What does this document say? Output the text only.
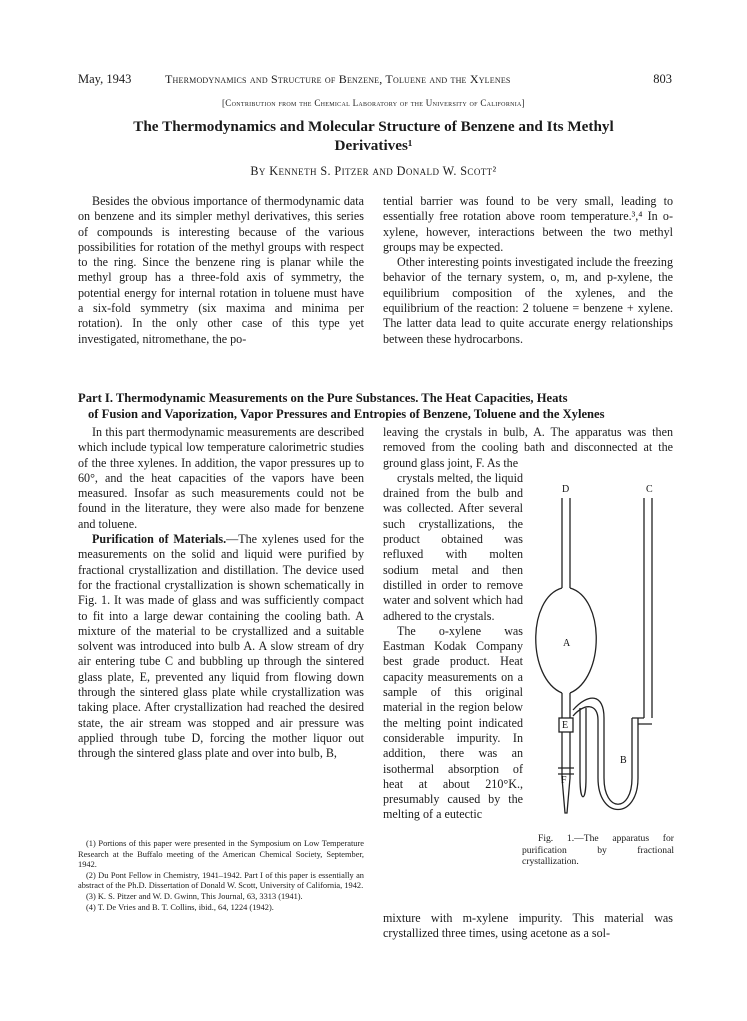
May, 1943	Thermodynamics and Structure of Benzene, Toluene and the Xylenes	803
[Contribution from the Chemical Laboratory of the University of California]
The Thermodynamics and Molecular Structure of Benzene and Its Methyl
Derivatives¹
By Kenneth S. Pitzer and Donald W. Scott²

Besides the obvious importance of thermodynamic data on benzene and its simpler methyl derivatives, this series of compounds is interesting because of the various possibilities for rotation of the methyl groups with respect to the ring. Since the benzene ring is planar while the methyl group has a three-fold axis of symmetry, the potential energy for internal rotation in toluene must have a six-fold symmetry (six maxima and minima per rotation). In the only other case of this type yet investigated, nitromethane, the po-

tential barrier was found to be very small, leading to essentially free rotation above room temperature.³,⁴ In o-xylene, however, interactions between the two methyl groups may be expected.

Other interesting points investigated include the freezing behavior of the ternary system, o, m, and p-xylene, the equilibrium composition of the xylenes, and the equilibrium of the reaction: 2 toluene = benzene + xylene. The latter data lead to quite accurate energy relationships between these hydrocarbons.

Part I. Thermodynamic Measurements on the Pure Substances. The Heat Capacities, Heats
of Fusion and Vaporization, Vapor Pressures and Entropies of Benzene, Toluene and the Xylenes

In this part thermodynamic measurements are described which include typical low temperature calorimetric studies of the three xylenes. In addition, the vapor pressures up to 60°, and the heat capacities of the vapors have been measured. Insofar as such measurements could not be found in the literature, they were also made for benzene and toluene.

Purification of Materials.—The xylenes used for the measurements on the solid and liquid were purified by fractional crystallization and distillation. The device used for the fractional crystallization is shown schematically in Fig. 1. It was made of glass and was sufficiently compact to fit into a large dewar containing the cooling bath. A mixture of the material to be crystallized and a suitable solvent was introduced into bulb A. A slow stream of dry air entering tube C and bubbling up through the sintered glass plate, E, prevented any liquid from flowing down through the sintered glass plate while crystallization was taking place. After crystallization had reached the desired state, the air stream was stopped and air pressure was applied through tube D, forcing the mother liquor out through the sintered glass plate and over into bulb, B,

(1) Portions of this paper were presented in the Symposium on Low Temperature Research at the Buffalo meeting of the American Chemical Society, September, 1942.

(2) Du Pont Fellow in Chemistry, 1941–1942. Part I of this paper is essentially an abstract of the Ph.D. Dissertation of Donald W. Scott, University of California, 1942.

(3) K. S. Pitzer and W. D. Gwinn, This Journal, 63, 3313 (1941).

(4) T. De Vries and B. T. Collins, ibid., 64, 1224 (1942).

leaving the crystals in bulb, A. The apparatus was then removed from the cooling bath and disconnected at the ground glass joint, F. As the

crystals melted, the liquid drained from the bulb and was collected. After several such crystallizations, the product obtained was refluxed with molten sodium metal and then distilled in order to remove water and solvent which had adhered to the crystals.

The o-xylene was Eastman Kodak Company best grade product. Heat capacity measurements on a sample of this original material in the region below the melting point indicated considerable impurity. In addition, there was an isothermal absorption of heat at about 210°K., presumably caused by the melting of a eutectic

D	C
A
E
B
F
Fig. 1.—The apparatus for purification by fractional crystallization.

mixture with m-xylene impurity. This material was crystallized three times, using acetone as a sol-
